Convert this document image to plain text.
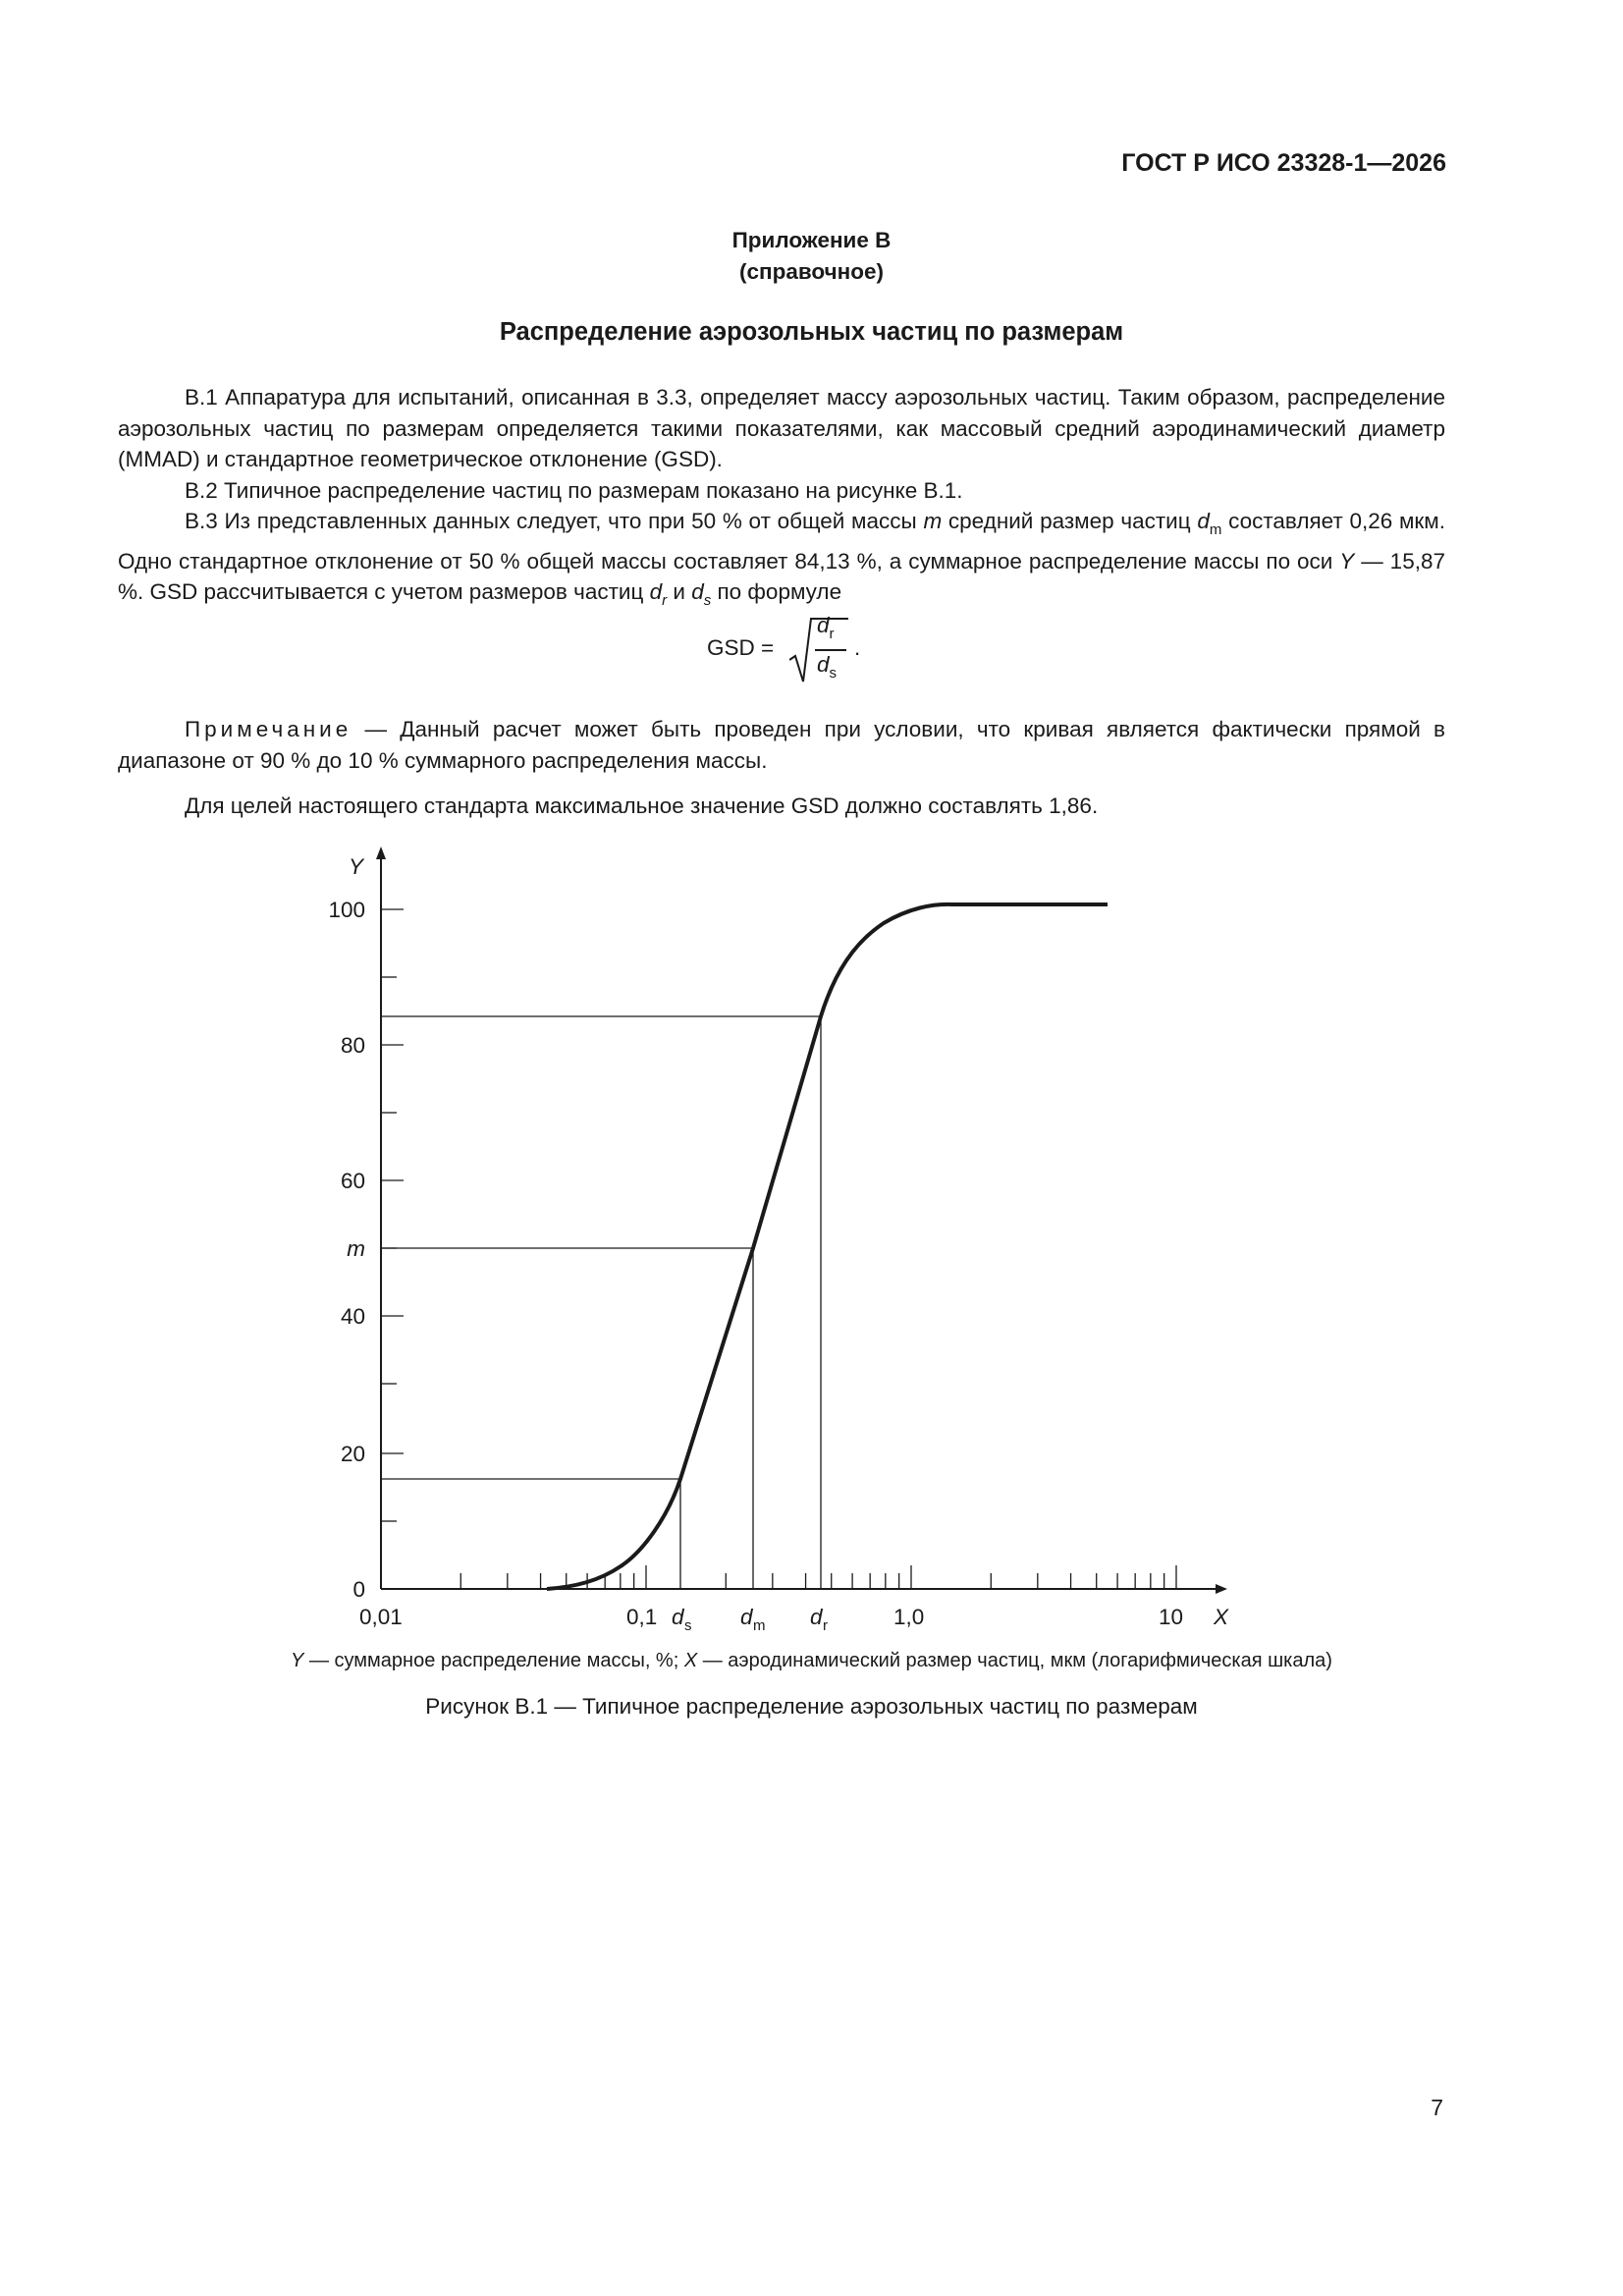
ГОСТ Р ИСО 23328-1—2026
Приложение В
(справочное)
Распределение аэрозольных частиц по размерам

В.1 Аппаратура для испытаний, описанная в 3.3, определяет массу аэрозольных частиц. Таким образом, распределение аэрозольных частиц по размерам определяется такими показателями, как массовый средний аэродинамический диаметр (MMAD) и стандартное геометрическое отклонение (GSD).

В.2 Типичное распределение частиц по размерам показано на рисунке В.1.

В.3 Из представленных данных следует, что при 50 % от общей массы m средний размер частиц $d_m$ составляет 0,26 мкм. Одно стандартное отклонение от 50 % общей массы составляет 84,13 %, а суммарное распределение массы по оси Y — 15,87 %. GSD рассчитывается с учетом размеров частиц $d_r$ и $d_s$ по формуле

GSD =
$d_r$
$d_s$
.

Примечание — Данный расчет может быть проведен при условии, что кривая является фактически прямой в диапазоне от 90 % до 10 % суммарного распределения массы.

Для целей настоящего стандарта максимальное значение GSD должно составлять 1,86.

100
80
60
m
40
20
0
Y
X
0,01	0,1	1,0	10
d s d m d r
Y — суммарное распределение массы, %; X — аэродинамический размер частиц, мкм (логарифмическая шкала)
Рисунок В.1 — Типичное распределение аэрозольных частиц по размерам
7
